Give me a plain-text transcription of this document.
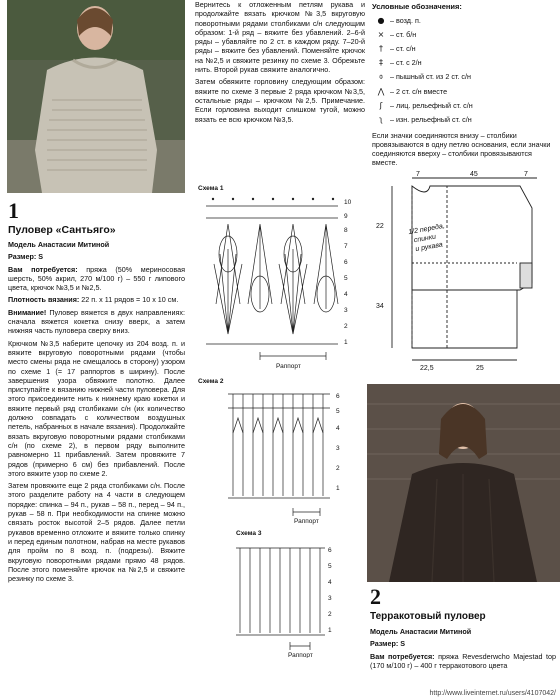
1
Пуловер «Сантьяго»

Модель Анастасии Митиной

Размер: S

Вам потребуется: пряжа (50% мериносовая шерсть, 50% акрил, 270 м/100 г) – 550 г липового цвета, крючок №3,5 и №2,5.

Плотность вязания: 22 п. х 11 рядов = 10 х 10 см.

Внимание! Пуловер вяжется в двух направлениях: сначала вяжется кокетка снизу вверх, а затем нижняя часть пуловера сверху вниз.

Крючком №3,5 наберите цепочку из 204 возд. п. и вяжите вкруговую поворотными рядами (чтобы место смены ряда не смещалось в сторону) узором по схеме 1 (= 17 раппортов в ширину). После завершения узора обвяжите полотно. Далее приступайте к вязанию нижней части пуловера. Для этого присоедините нить к нижнему краю кокетки и вяжите первый ряд столбиками с/н (их количество должно совпадать с количеством воздушных петель, набранных в начале вязания). Продолжайте вязать вкруговую поворотными рядами столбиками с/н (по схеме 2), в первом ряду выполните равномерно 11 прибавлений. Затем провяжите 7 рядов (примерно 6 см) без прибавлений. После этого вяжите узор по схеме 2.

Затем провяжите еще 2 ряда столбиками с/н. После этого разделите работу на 4 части в следующем порядке: спинка – 94 п., рукав – 58 п., перед – 94 п., рукав – 58 п. При необходимости на спинке можно связать росток высотой 2–5 рядов. Далее петли рукавов временно отложите и вяжите только спинку и перед единым полотном, набрав на месте рукавов для пройм по 8 возд. п. (подрезы). Вяжите вкруговую поворотными рядами прямо 48 рядов. После этого поменяйте крючок на №2,5 и свяжите резинку по схеме 3.

Вернитесь к отложенным петлям рукава и продолжайте вязать крючком №3,5 вкруговую поворотными рядами столбиками с/н следующим образом: 1-й ряд – вяжите без убавлений. 2–6-й ряды – убавляйте по 2 ст. в каждом ряду. 7–20-й ряды – вяжите без убавлений. Поменяйте крючок на №2,5 и свяжите резинку по схеме 3. Обрежьте нить. Второй рукав свяжите аналогично.

Затем обвяжите горловину следующим образом: вяжите по схеме 3 первые 2 ряда крючком №3,5, остальные ряды – крючком №2,5. Примечание. Если горловина выходит слишком тугой, можно вязать ее всю крючком №3,5.

Схема 1
10
9
8
7
6
5
4
3
2
1
Раппорт
Схема 2
6
5
4
3
2
1
Раппорт
Схема 3
6
5
4
3
2
1
Раппорт
Условные обозначения:
● – возд. п.
× – ст. б/н
† – ст. с/н
‡ – ст. с 2/н
⌽ – пышный ст. из 2 ст. с/н
⋀ – 2 ст. с/н вместе
ʃ	– лиц. рельефный ст. с/н
ʅ – изн. рельефный ст. с/н
Если значки соединяются внизу – столбики провязываются в одну петлю основания, если значки соединяются вверху – столбики провязываются вместе.
7	45	7
22
34
22,5	25
1/2 переда,
спинки
и рукава
2
Терракотовый пуловер

Модель Анастасии Митиной

Размер: S

Вам потребуется: пряжа Revesderwcho Majestad top (170 м/100 г) – 400 г терракотового цвета

http://www.liveinternet.ru/users/4107042/
